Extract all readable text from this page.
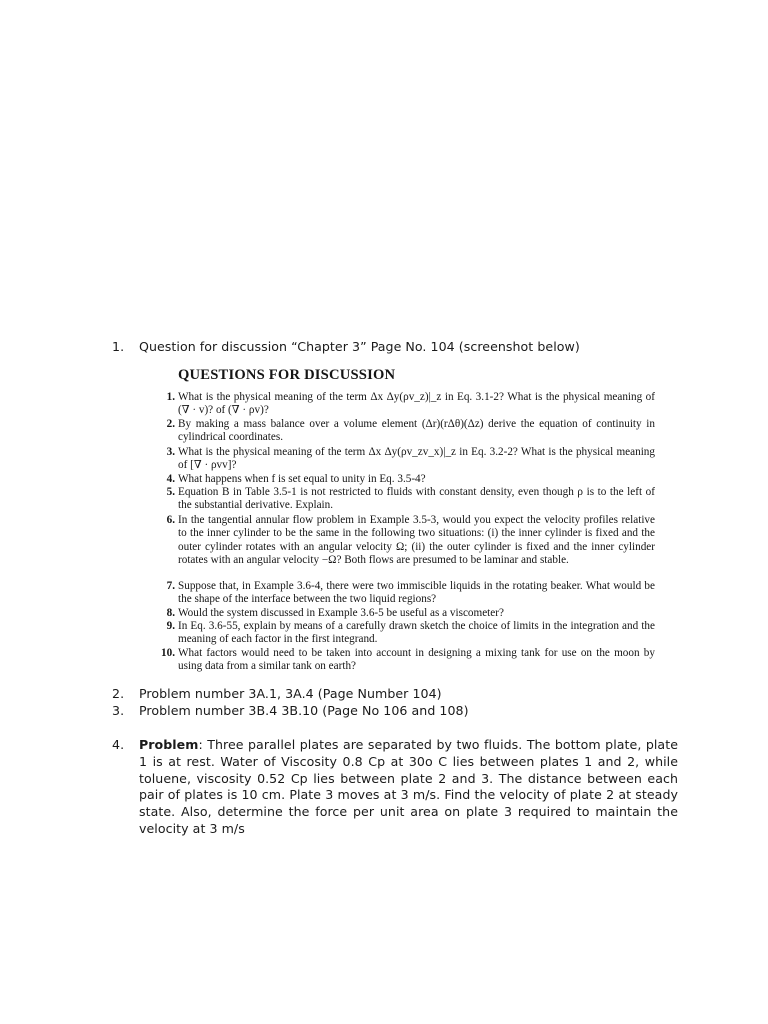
1.	Question for discussion “Chapter 3” Page No. 104 (screenshot below)
QUESTIONS FOR DISCUSSION
1. What is the physical meaning of the term Δx Δy(ρv_z)|_z in Eq. 3.1-2? What is the physical meaning of (∇ · v)? of (∇ · ρv)?
2. By making a mass balance over a volume element (Δr)(rΔθ)(Δz) derive the equation of continuity in cylindrical coordinates.
3. What is the physical meaning of the term Δx Δy(ρv_zv_x)|_z in Eq. 3.2-2? What is the physical meaning of [∇ · ρvv]?
4. What happens when f is set equal to unity in Eq. 3.5-4?
5. Equation B in Table 3.5-1 is not restricted to fluids with constant density, even though ρ is to the left of the substantial derivative. Explain.
6. In the tangential annular flow problem in Example 3.5-3, would you expect the velocity profiles relative to the inner cylinder to be the same in the following two situations: (i) the inner cylinder is fixed and the outer cylinder rotates with an angular velocity Ω; (ii) the outer cylinder is fixed and the inner cylinder rotates with an angular velocity −Ω? Both flows are presumed to be laminar and stable.
7. Suppose that, in Example 3.6-4, there were two immiscible liquids in the rotating beaker. What would be the shape of the interface between the two liquid regions?
8. Would the system discussed in Example 3.6-5 be useful as a viscometer?
9. In Eq. 3.6-55, explain by means of a carefully drawn sketch the choice of limits in the integration and the meaning of each factor in the first integrand.
10. What factors would need to be taken into account in designing a mixing tank for use on the moon by using data from a similar tank on earth?
2.	Problem number 3A.1, 3A.4 (Page Number 104)
3.	Problem number 3B.4 3B.10 (Page No 106 and 108)
4.	Problem: Three parallel plates are separated by two fluids. The bottom plate, plate 1 is at rest. Water of Viscosity 0.8 Cp at 30o C lies between plates 1 and 2, while toluene, viscosity 0.52 Cp lies between plate 2 and 3. The distance between each pair of plates is 10 cm. Plate 3 moves at 3 m/s. Find the velocity of plate 2 at steady state. Also, determine the force per unit area on plate 3 required to maintain the velocity at 3 m/s
